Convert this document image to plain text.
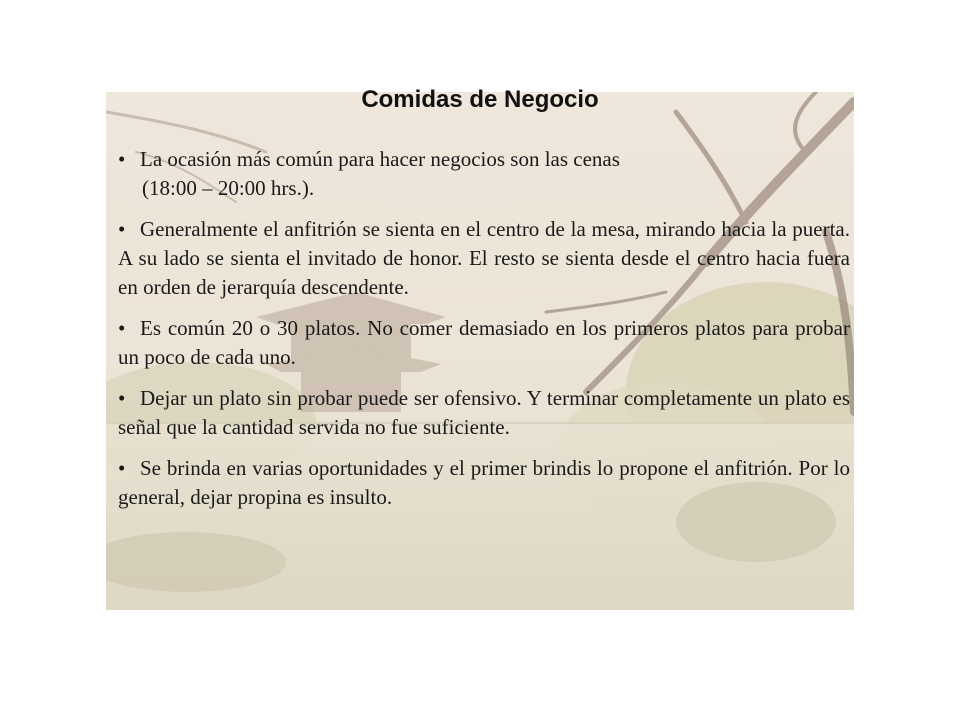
Comidas de Negocio

• La ocasión más común para hacer negocios son las cenas
(18:00 – 20:00 hrs.).

• Generalmente el anfitrión se sienta en el centro de la mesa, mirando hacia la puerta. A su lado se sienta el invitado de honor. El resto se sienta desde el centro hacia fuera en orden de jerarquía descendente.

• Es común 20 o 30 platos. No comer demasiado en los primeros platos para probar un poco de cada uno.

• Dejar un plato sin probar puede ser ofensivo. Y terminar completamente un plato es señal que la cantidad servida no fue suficiente.

• Se brinda en varias oportunidades y el primer brindis lo propone el anfitrión. Por lo general, dejar propina es insulto.
